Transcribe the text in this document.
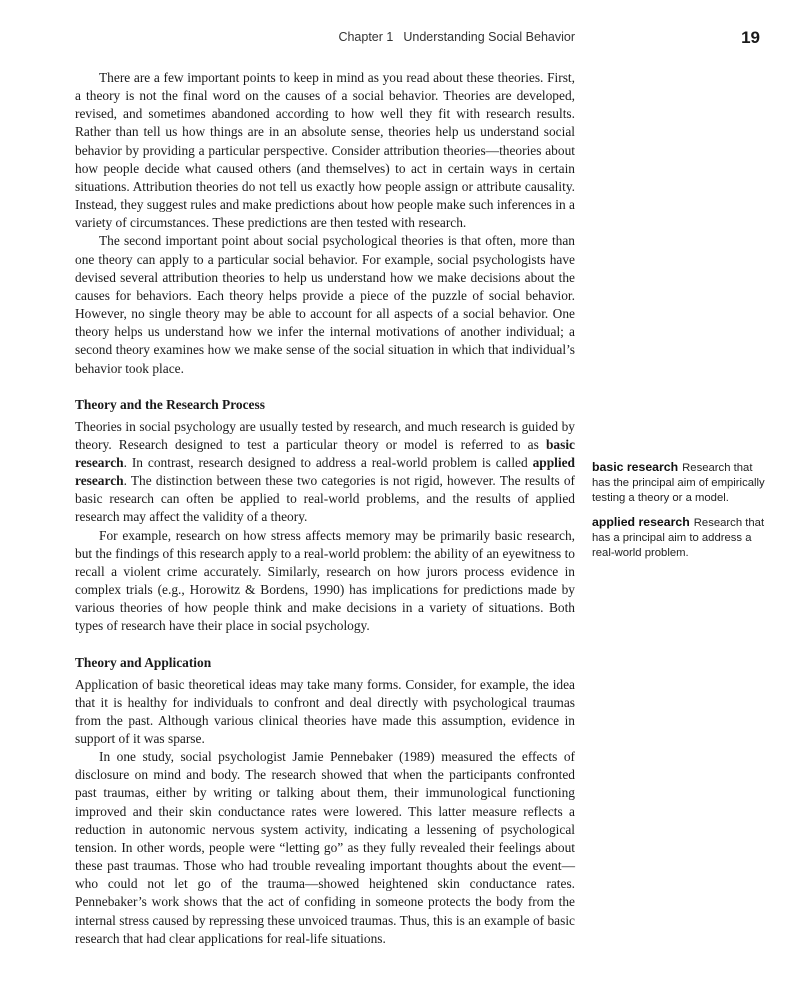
Chapter 1 Understanding Social Behavior	19

There are a few important points to keep in mind as you read about these theories. First, a theory is not the final word on the causes of a social behavior. Theories are developed, revised, and sometimes abandoned according to how well they fit with research results. Rather than tell us how things are in an absolute sense, theories help us understand social behavior by providing a particular perspective. Consider attribution theories—theories about how people decide what caused others (and themselves) to act in certain ways in certain situations. Attribution theories do not tell us exactly how people assign or attribute causality. Instead, they suggest rules and make predictions about how people make such inferences in a variety of circumstances. These predictions are then tested with research.

The second important point about social psychological theories is that often, more than one theory can apply to a particular social behavior. For example, social psychologists have devised several attribution theories to help us understand how we make decisions about the causes for behaviors. Each theory helps provide a piece of the puzzle of social behavior. However, no single theory may be able to account for all aspects of a social behavior. One theory helps us understand how we infer the internal motivations of another individual; a second theory examines how we make sense of the social situation in which that individual’s behavior took place.

Theory and the Research Process

Theories in social psychology are usually tested by research, and much research is guided by theory. Research designed to test a particular theory or model is referred to as basic research. In contrast, research designed to address a real-world problem is called applied research. The distinction between these two categories is not rigid, however. The results of basic research can often be applied to real-world problems, and the results of applied research may affect the validity of a theory.

For example, research on how stress affects memory may be primarily basic research, but the findings of this research apply to a real-world problem: the ability of an eyewitness to recall a violent crime accurately. Similarly, research on how jurors process evidence in complex trials (e.g., Horowitz & Bordens, 1990) has implications for predictions made by various theories of how people think and make decisions in a variety of situations. Both types of research have their place in social psychology.

Theory and Application

Application of basic theoretical ideas may take many forms. Consider, for example, the idea that it is healthy for individuals to confront and deal directly with psychological traumas from the past. Although various clinical theories have made this assumption, evidence in support of it was sparse.

In one study, social psychologist Jamie Pennebaker (1989) measured the effects of disclosure on mind and body. The research showed that when the participants confronted past traumas, either by writing or talking about them, their immunological functioning improved and their skin conductance rates were lowered. This latter measure reflects a reduction in autonomic nervous system activity, indicating a lessening of psychological tension. In other words, people were “letting go” as they fully revealed their feelings about these past traumas. Those who had trouble revealing important thoughts about the event—who could not let go of the trauma—showed heightened skin conductance rates. Pennebaker’s work shows that the act of confiding in someone protects the body from the internal stress caused by repressing these unvoiced traumas. Thus, this is an example of basic research that had clear applications for real-life situations.

basic research Research that has the principal aim of empirically testing a theory or a model.

applied research Research that has a principal aim to address a real-world problem.
